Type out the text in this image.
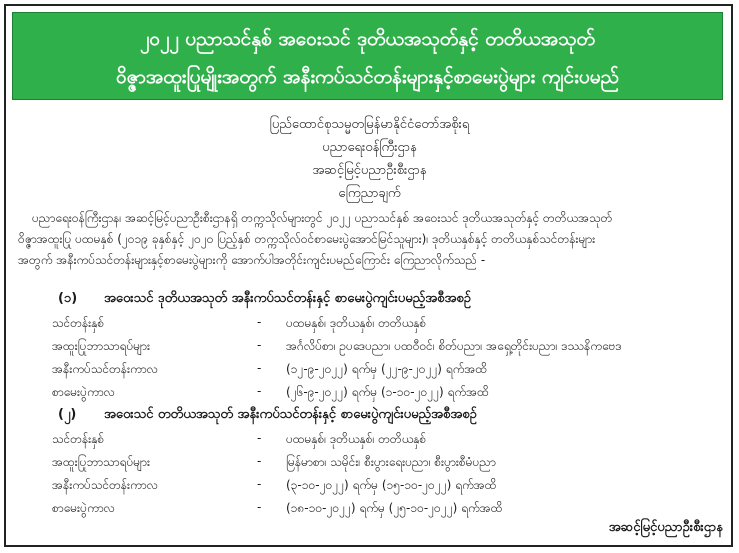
၂၀၂၂ ပညာသင်နှစ် အဝေးသင် ဒုတိယအသုတ်နှင့် တတိယအသုတ်
ဝိဇ္ဇာအထူးပြုမျိုးအတွက် အနီးကပ်သင်တန်းများနှင့်စာမေးပွဲများ ကျင်းပမည်
ပြည်ထောင်စုသမ္မတမြန်မာနိုင်ငံတော်အစိုးရ
ပညာရေးဝန်ကြီးဌာန
အဆင့်မြင့်ပညာဦးစီးဌာန
ကြေညာချက်
ပညာရေးဝန်ကြီးဌာန၊ အဆင့်မြင့်ပညာဦးစီးဌာနရှိ တက္ကသိုလ်များတွင် ၂၀၂၂ ပညာသင်နှစ် အဝေးသင် ဒုတိယအသုတ်နှင့် တတိယအသုတ်
ဝိဇ္ဇာအထူးပြု ပထမနှစ် (၂၀၁၉ ခုနှစ်နှင့် ၂၀၂၀ ပြည့်နှစ် တက္ကသိုလ်ဝင်စာမေးပွဲအောင်မြင်သူများ)၊ ဒုတိယနှစ်နှင့် တတိယနှစ်သင်တန်းများ
အတွက် အနီးကပ်သင်တန်းများနှင့်စာမေးပွဲများကို အောက်ပါအတိုင်းကျင်းပမည်ကြောင်း ကြေညာလိုက်သည် -
(၁) အဝေးသင် ဒုတိယအသုတ် အနီးကပ်သင်တန်းနှင့် စာမေးပွဲကျင်းပမည့်အစီအစဉ်
သင်တန်းနှစ်	- ပထမနှစ်၊ ဒုတိယနှစ်၊ တတိယနှစ်
အထူးပြုဘာသာရပ်များ	- အင်္ဂလိပ်စာ၊ ဥပဒေပညာ၊ ပထဝီဝင်၊ စိတ်ပညာ၊ အရှေ့တိုင်းပညာ၊ ဒဿနိကဗေဒ
အနီးကပ်သင်တန်းကာလ	- (၁၂-၉-၂၀၂၂) ရက်မှ (၂၂-၉-၂၀၂၂) ရက်အထိ
စာမေးပွဲကာလ	- (၂၆-၉-၂၀၂၂) ရက်မှ (၁-၁၀-၂၀၂၂) ရက်အထိ
(၂) အဝေးသင် တတိယအသုတ် အနီးကပ်သင်တန်းနှင့် စာမေးပွဲကျင်းပမည့်အစီအစဉ်
သင်တန်းနှစ်	- ပထမနှစ်၊ ဒုတိယနှစ်၊ တတိယနှစ်
အထူးပြုဘာသာရပ်များ	- မြန်မာစာ၊ သမိုင်း၊ စီးပွားရေးပညာ၊ စီးပွားစီမံပညာ
အနီးကပ်သင်တန်းကာလ	- (၃-၁၀-၂၀၂၂) ရက်မှ (၁၅-၁၀-၂၀၂၂) ရက်အထိ
စာမေးပွဲကာလ	- (၁၈-၁၀-၂၀၂၂) ရက်မှ (၂၅-၁၀-၂၀၂၂) ရက်အထိ
အဆင့်မြင့်ပညာဦးစီးဌာန
